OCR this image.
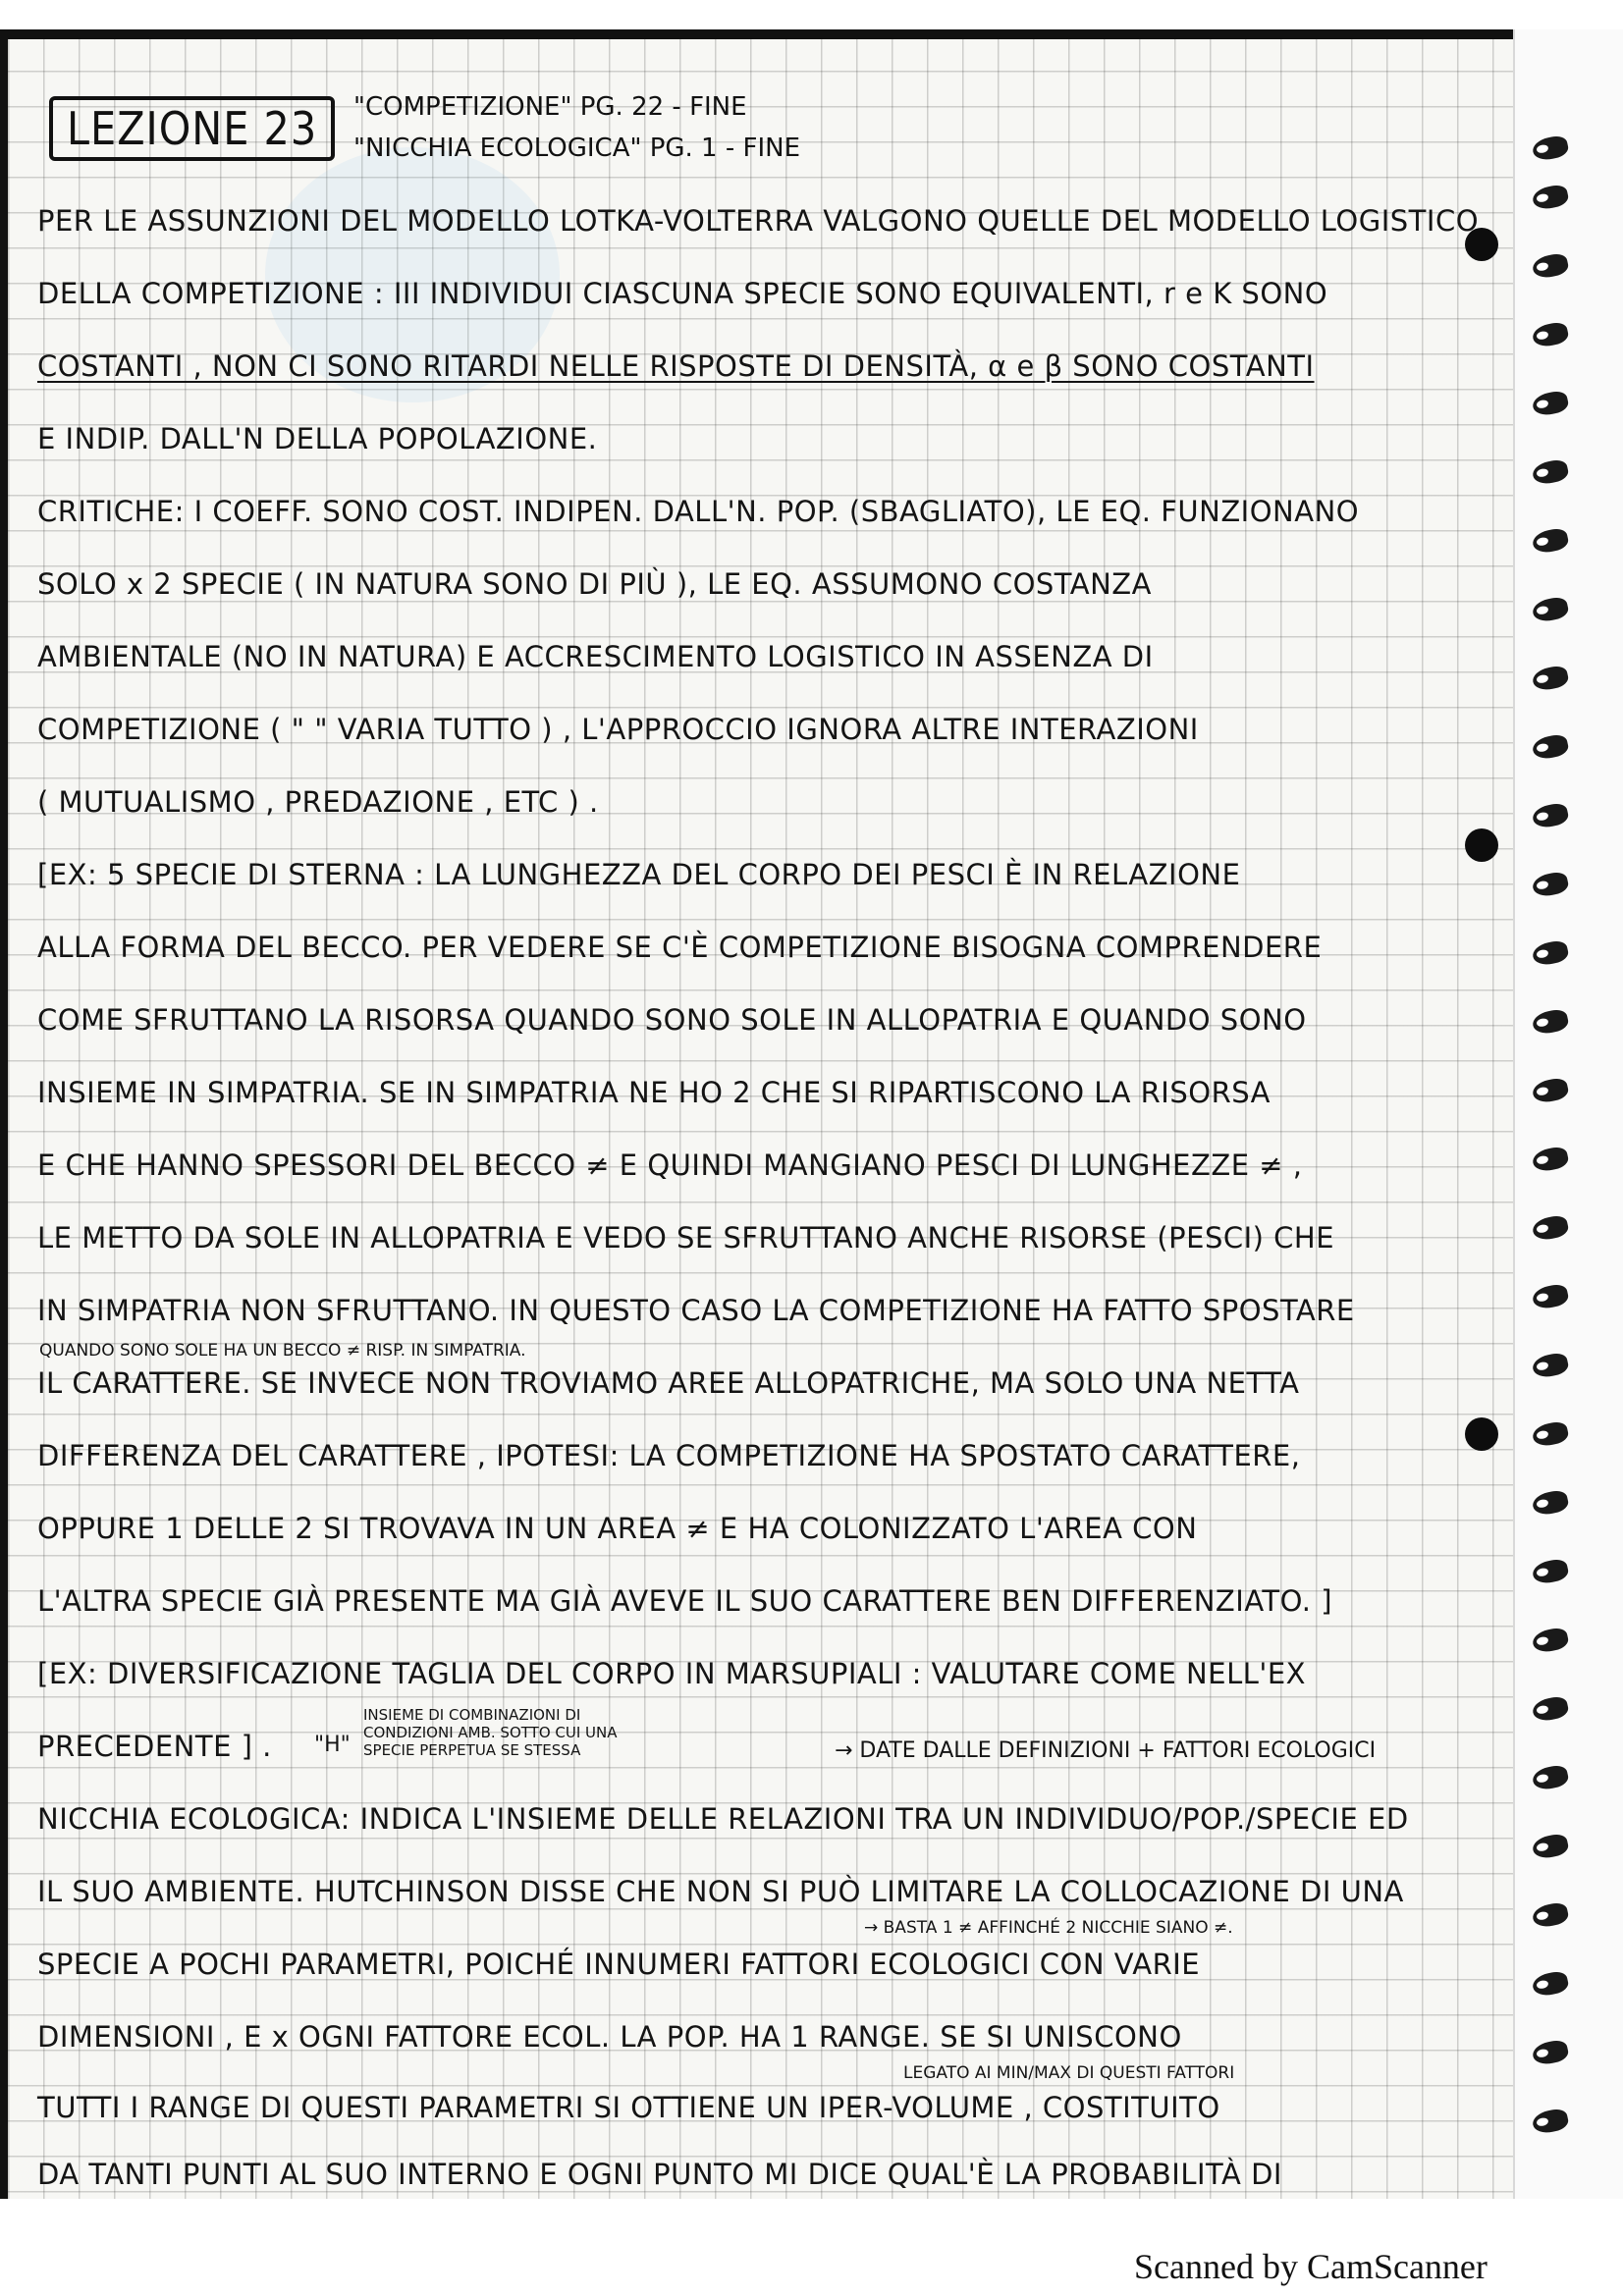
LEZIONE 23	"COMPETIZIONE" PG. 22 - FINE
"NICCHIA ECOLOGICA" PG. 1 - FINE
PER LE ASSUNZIONI DEL MODELLO LOTKA-VOLTERRA VALGONO QUELLE DEL MODELLO LOGISTICO
DELLA COMPETIZIONE : III INDIVIDUI CIASCUNA SPECIE SONO EQUIVALENTI, r e K SONO
COSTANTI , NON CI SONO RITARDI NELLE RISPOSTE DI DENSITÀ, α e β SONO COSTANTI
E INDIP. DALL'N DELLA POPOLAZIONE.
CRITICHE: I COEFF. SONO COST. INDIPEN. DALL'N. POP. (SBAGLIATO), LE EQ. FUNZIONANO
SOLO x 2 SPECIE ( IN NATURA SONO DI PIÙ ), LE EQ. ASSUMONO COSTANZA
AMBIENTALE (NO IN NATURA) E ACCRESCIMENTO LOGISTICO IN ASSENZA DI
COMPETIZIONE ( " " VARIA TUTTO ) , L'APPROCCIO IGNORA ALTRE INTERAZIONI
( MUTUALISMO , PREDAZIONE , ETC ) .
[EX: 5 SPECIE DI STERNA : LA LUNGHEZZA DEL CORPO DEI PESCI È IN RELAZIONE
ALLA FORMA DEL BECCO. PER VEDERE SE C'È COMPETIZIONE BISOGNA COMPRENDERE
COME SFRUTTANO LA RISORSA QUANDO SONO SOLE IN ALLOPATRIA E QUANDO SONO
INSIEME IN SIMPATRIA. SE IN SIMPATRIA NE HO 2 CHE SI RIPARTISCONO LA RISORSA
E CHE HANNO SPESSORI DEL BECCO ≠ E QUINDI MANGIANO PESCI DI LUNGHEZZE ≠ ,
LE METTO DA SOLE IN ALLOPATRIA E VEDO SE SFRUTTANO ANCHE RISORSE (PESCI) CHE
IN SIMPATRIA NON SFRUTTANO. IN QUESTO CASO LA COMPETIZIONE HA FATTO SPOSTARE
QUANDO SONO SOLE HA UN BECCO ≠ RISP. IN SIMPATRIA.
IL CARATTERE. SE INVECE NON TROVIAMO AREE ALLOPATRICHE, MA SOLO UNA NETTA
DIFFERENZA DEL CARATTERE , IPOTESI: LA COMPETIZIONE HA SPOSTATO CARATTERE,
OPPURE 1 DELLE 2 SI TROVAVA IN UN AREA ≠ E HA COLONIZZATO L'AREA CON
L'ALTRA SPECIE GIÀ PRESENTE MA GIÀ AVEVE IL SUO CARATTERE BEN DIFFERENZIATO. ]
[EX: DIVERSIFICAZIONE TAGLIA DEL CORPO IN MARSUPIALI : VALUTARE COME NELL'EX
PRECEDENTE ] . "H"
INSIEME DI COMBINAZIONI DI
CONDIZIONI AMB. SOTTO CUI UNA
SPECIE PERPETUA SE STESSA	→ DATE DALLE DEFINIZIONI + FATTORI ECOLOGICI
NICCHIA ECOLOGICA: INDICA L'INSIEME DELLE RELAZIONI TRA UN INDIVIDUO/POP./SPECIE ED
IL SUO AMBIENTE. HUTCHINSON DISSE CHE NON SI PUÒ LIMITARE LA COLLOCAZIONE DI UNA
→ BASTA 1 ≠ AFFINCHÉ 2 NICCHIE SIANO ≠.
SPECIE A POCHI PARAMETRI, POICHÉ INNUMERI FATTORI ECOLOGICI CON VARIE
DIMENSIONI , E x OGNI FATTORE ECOL. LA POP. HA 1 RANGE. SE SI UNISCONO
LEGATO AI MIN/MAX DI QUESTI FATTORI
TUTTI I RANGE DI QUESTI PARAMETRI SI OTTIENE UN IPER-VOLUME , COSTITUITO
DA TANTI PUNTI AL SUO INTERNO E OGNI PUNTO MI DICE QUAL'È LA PROBABILITÀ DI
Scanned by CamScanner
